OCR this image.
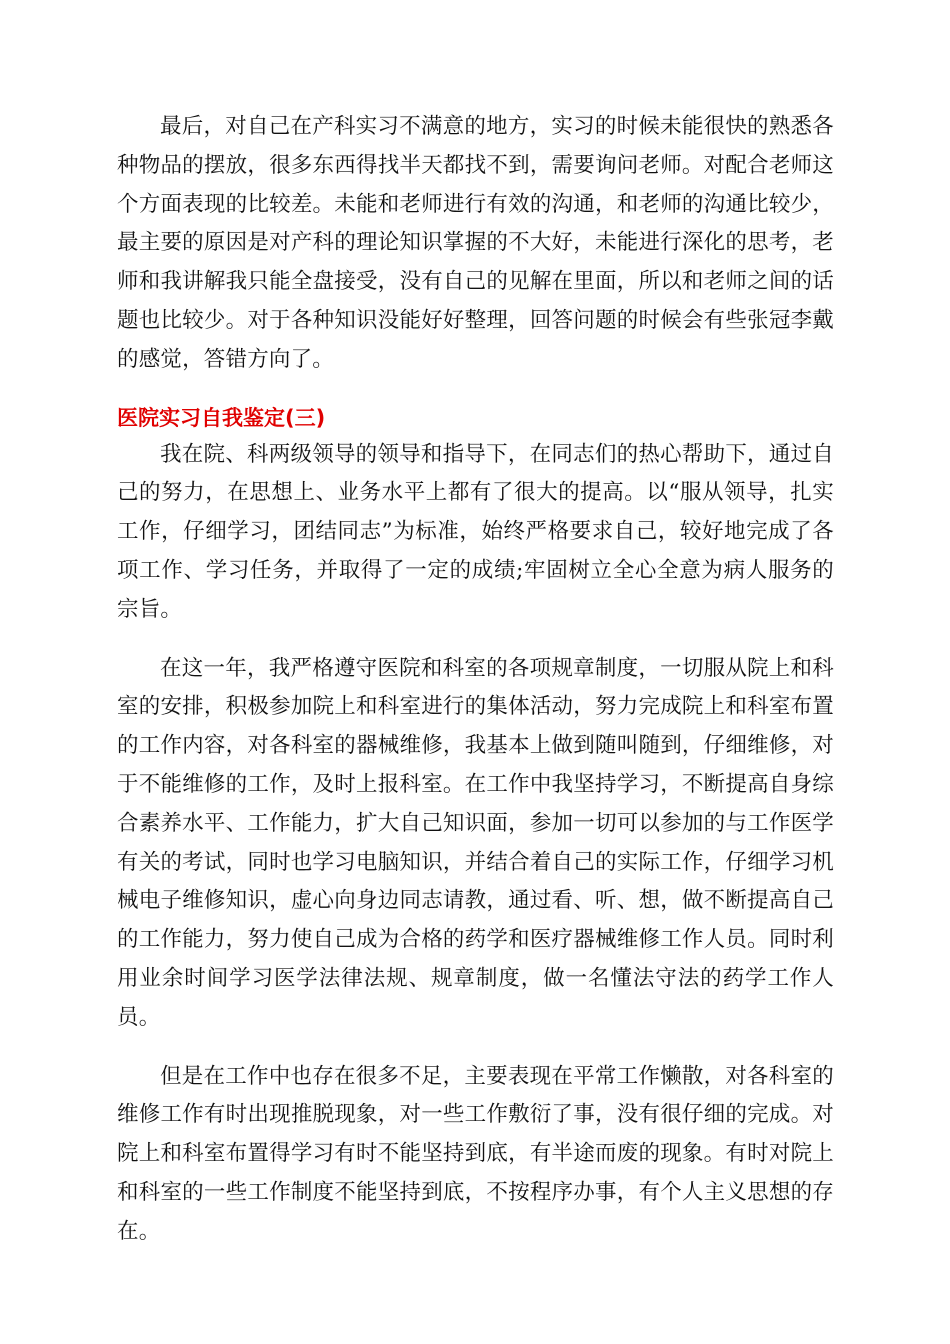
最后，对自己在产科实习不满意的地方，实习的时候未能很快的熟悉各种物品的摆放，很多东西得找半天都找不到，需要询问老师。对配合老师这个方面表现的比较差。未能和老师进行有效的沟通，和老师的沟通比较少，最主要的原因是对产科的理论知识掌握的不大好，未能进行深化的思考，老师和我讲解我只能全盘接受，没有自己的见解在里面，所以和老师之间的话题也比较少。对于各种知识没能好好整理，回答问题的时候会有些张冠李戴的感觉，答错方向了。

医院实习自我鉴定(三)

我在院、科两级领导的领导和指导下，在同志们的热心帮助下，通过自己的努力，在思想上、业务水平上都有了很大的提高。以“服从领导，扎实工作，仔细学习，团结同志”为标准，始终严格要求自己，较好地完成了各项工作、学习任务，并取得了一定的成绩;牢固树立全心全意为病人服务的宗旨。

在这一年，我严格遵守医院和科室的各项规章制度，一切服从院上和科室的安排，积极参加院上和科室进行的集体活动，努力完成院上和科室布置的工作内容，对各科室的器械维修，我基本上做到随叫随到，仔细维修，对于不能维修的工作，及时上报科室。在工作中我坚持学习，不断提高自身综合素养水平、工作能力，扩大自己知识面，参加一切可以参加的与工作医学有关的考试，同时也学习电脑知识，并结合着自己的实际工作，仔细学习机械电子维修知识，虚心向身边同志请教，通过看、听、想，做不断提高自己的工作能力，努力使自己成为合格的药学和医疗器械维修工作人员。同时利用业余时间学习医学法律法规、规章制度，做一名懂法守法的药学工作人员。

但是在工作中也存在很多不足，主要表现在平常工作懒散，对各科室的维修工作有时出现推脱现象，对一些工作敷衍了事，没有很仔细的完成。对院上和科室布置得学习有时不能坚持到底，有半途而废的现象。有时对院上和科室的一些工作制度不能坚持到底，不按程序办事，有个人主义思想的存在。
